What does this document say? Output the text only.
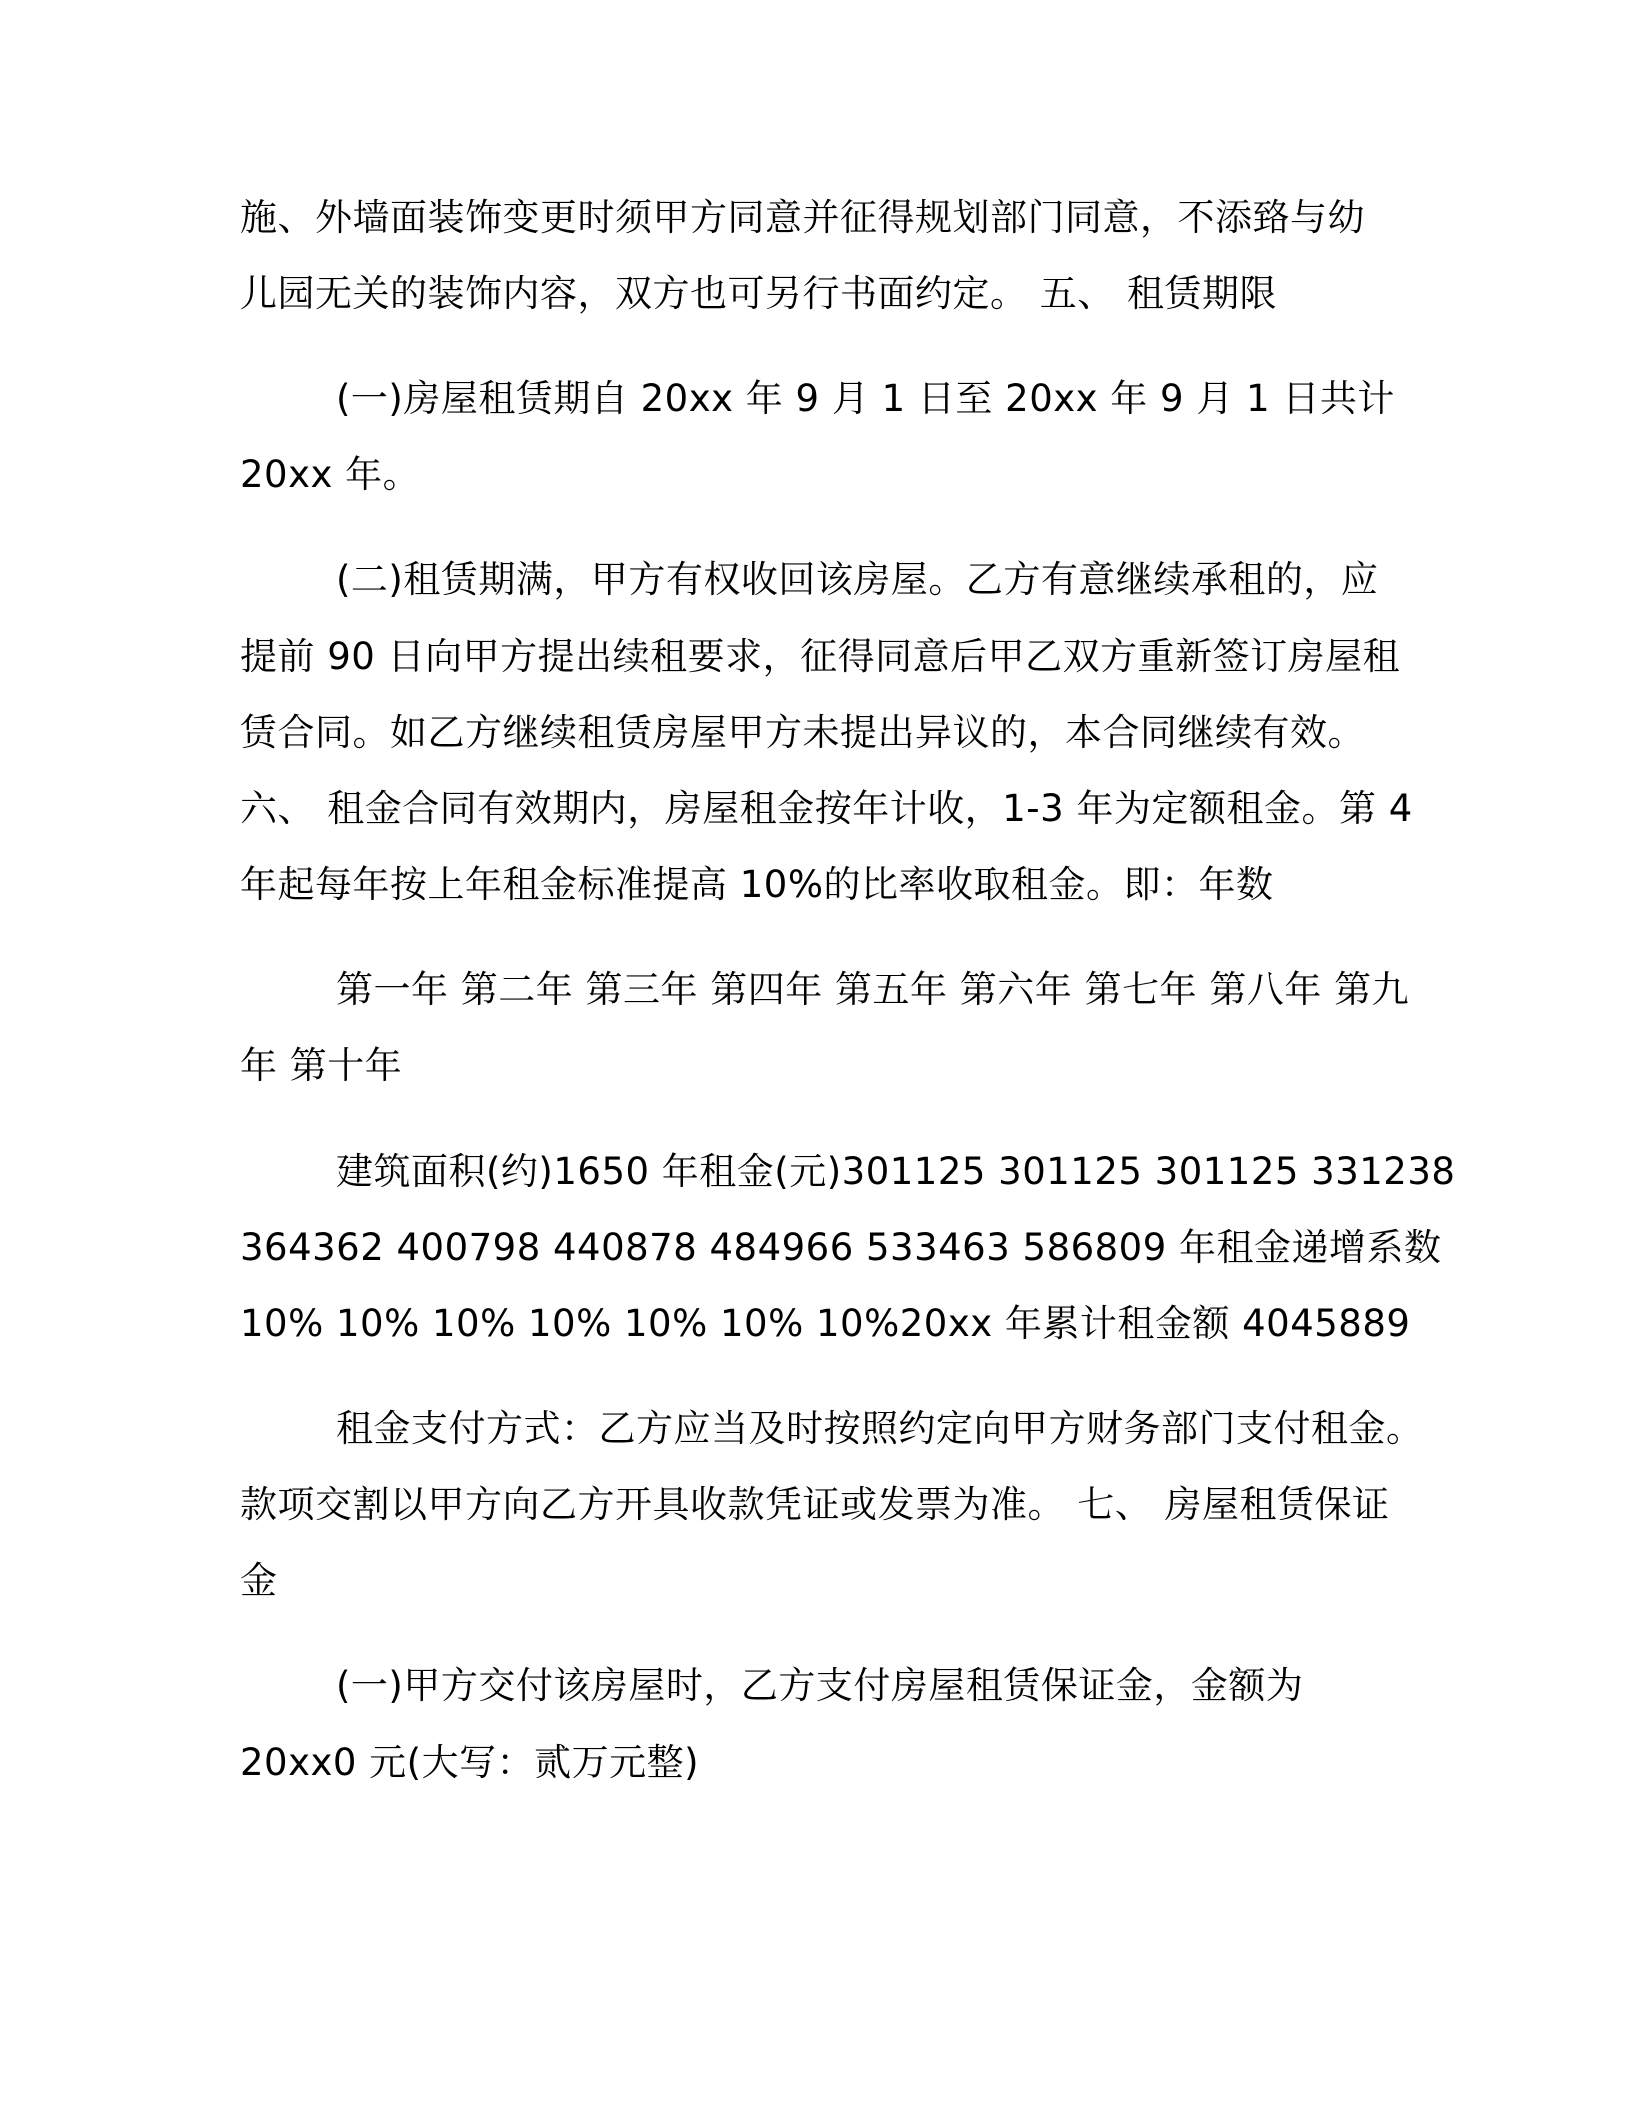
施、外墙面装饰变更时须甲方同意并征得规划部门同意，不添臵与幼
儿园无关的装饰内容，双方也可另行书面约定。 五、 租赁期限
(一)房屋租赁期自 20xx 年 9 月 1 日至 20xx 年 9 月 1 日共计
20xx 年。
(二)租赁期满，甲方有权收回该房屋。乙方有意继续承租的，应
提前 90 日向甲方提出续租要求，征得同意后甲乙双方重新签订房屋租
赁合同。如乙方继续租赁房屋甲方未提出异议的，本合同继续有效。
六、 租金合同有效期内，房屋租金按年计收，1-3 年为定额租金。第 4
年起每年按上年租金标准提高 10%的比率收取租金。即：年数
第一年 第二年 第三年 第四年 第五年 第六年 第七年 第八年 第九
年 第十年
建筑面积(约)1650 年租金(元)301125 301125 301125 331238
364362 400798 440878 484966 533463 586809 年租金递增系数
10% 10% 10% 10% 10% 10% 10%20xx 年累计租金额 4045889
租金支付方式：乙方应当及时按照约定向甲方财务部门支付租金。
款项交割以甲方向乙方开具收款凭证或发票为准。 七、 房屋租赁保证
金
(一)甲方交付该房屋时，乙方支付房屋租赁保证金，金额为
20xx0 元(大写：贰万元整)
